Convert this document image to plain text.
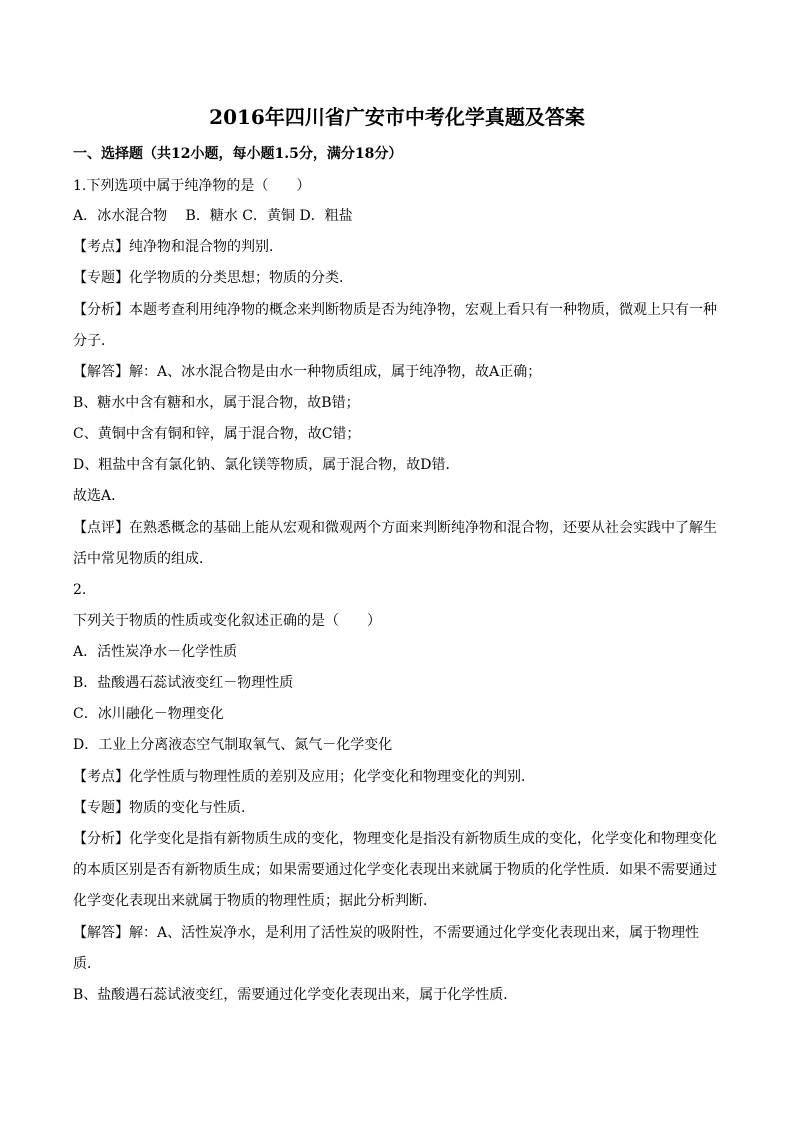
2016年四川省广安市中考化学真题及答案
一、选择题（共12小题，每小题1.5分，满分18分）
1.下列选项中属于纯净物的是（　　）
A．冰水混合物　 B．糖水 C．黄铜 D．粗盐
【考点】纯净物和混合物的判别．
【专题】化学物质的分类思想；物质的分类．
【分析】本题考查利用纯净物的概念来判断物质是否为纯净物，宏观上看只有一种物质，微观上只有一种
分子．
【解答】解：A、冰水混合物是由水一种物质组成，属于纯净物，故A正确；
B、糖水中含有糖和水，属于混合物，故B错；
C、黄铜中含有铜和锌，属于混合物，故C错；
D、粗盐中含有氯化钠、氯化镁等物质，属于混合物，故D错．
故选A．
【点评】在熟悉概念的基础上能从宏观和微观两个方面来判断纯净物和混合物，还要从社会实践中了解生
活中常见物质的组成．
2.
下列关于物质的性质或变化叙述正确的是（　　）
A．活性炭净水－化学性质
B．盐酸遇石蕊试液变红－物理性质
C．冰川融化－物理变化
D．工业上分离液态空气制取氧气、氮气－化学变化
【考点】化学性质与物理性质的差别及应用；化学变化和物理变化的判别．
【专题】物质的变化与性质．
【分析】化学变化是指有新物质生成的变化，物理变化是指没有新物质生成的变化，化学变化和物理变化
的本质区别是否有新物质生成；如果需要通过化学变化表现出来就属于物质的化学性质．如果不需要通过
化学变化表现出来就属于物质的物理性质；据此分析判断．
【解答】解：A、活性炭净水，是利用了活性炭的吸附性，不需要通过化学变化表现出来，属于物理性
质．
B、盐酸遇石蕊试液变红，需要通过化学变化表现出来，属于化学性质．
